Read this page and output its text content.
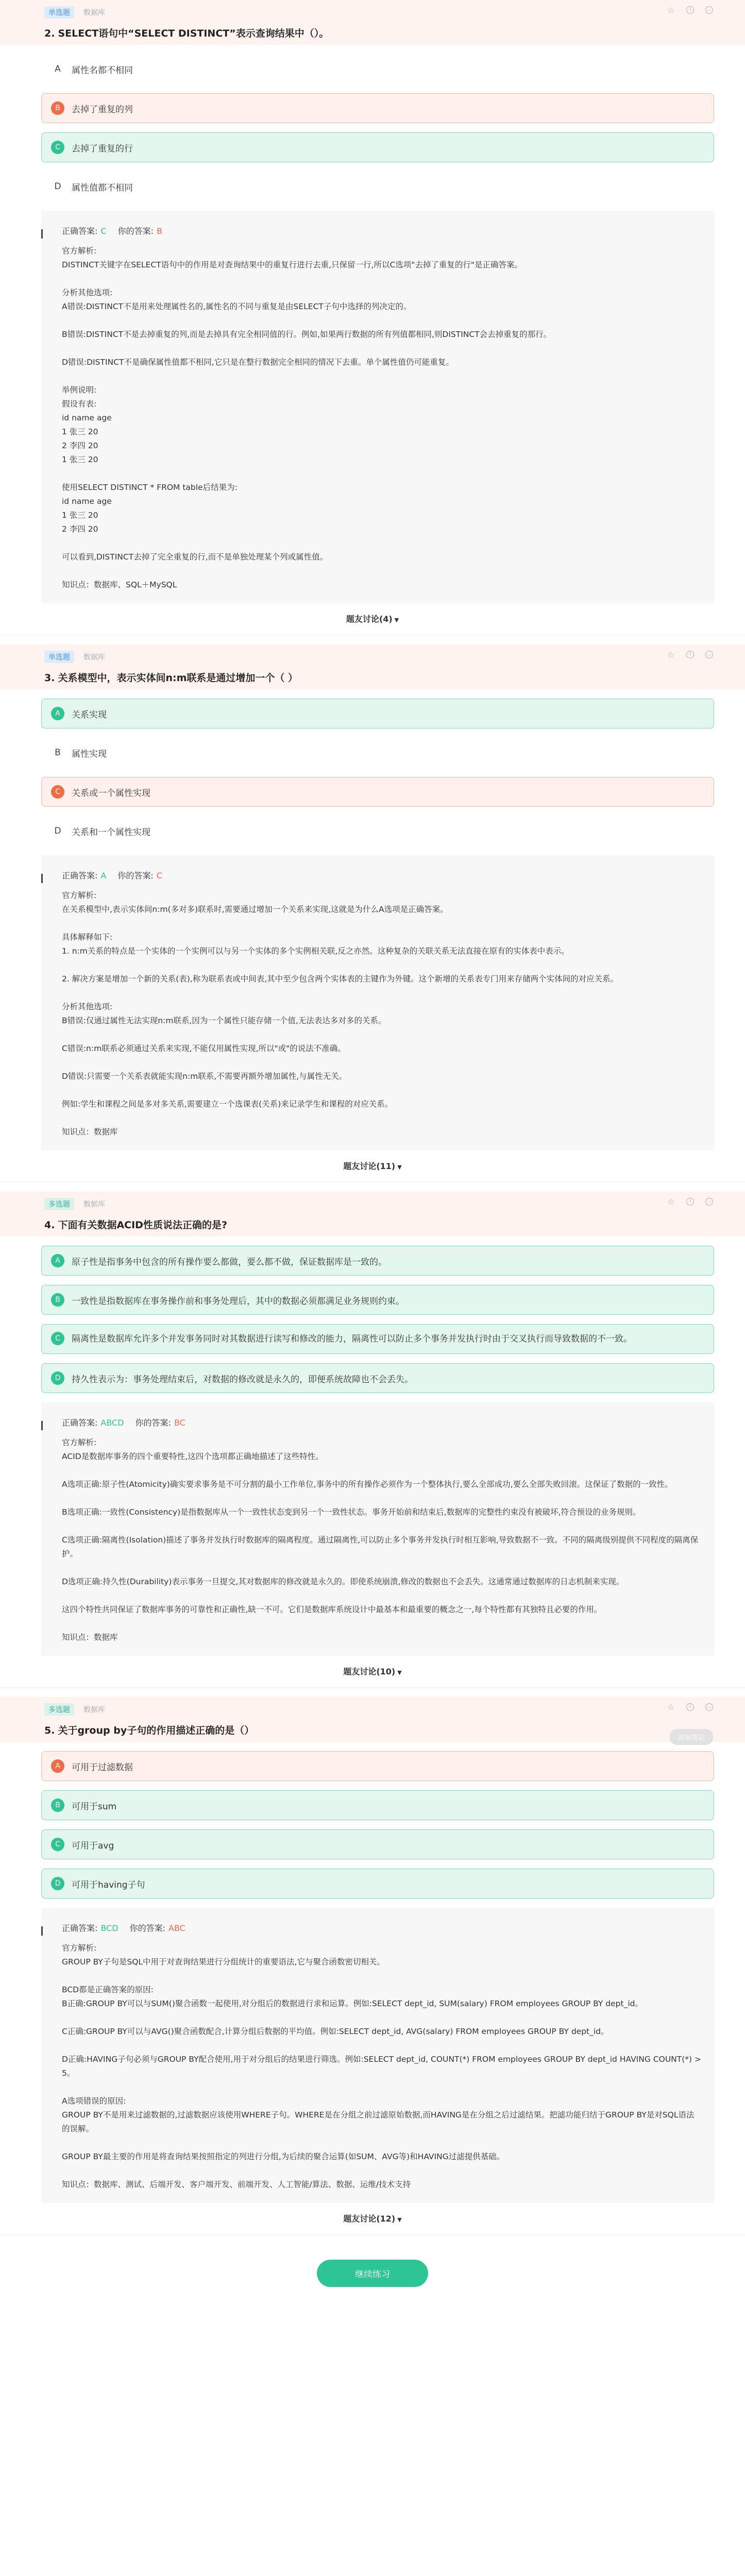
单选题	数据库	☆	i	…
2. SELECT语句中“SELECT DISTINCT”表示查询结果中（）。
A	属性名都不相同
B	去掉了重复的列
C	去掉了重复的行
D	属性值都不相同
正确答案: C 你的答案: B
官方解析:
DISTINCT关键字在SELECT语句中的作用是对查询结果中的重复行进行去重,只保留一行,所以C选项"去掉了重复的行"是正确答案。

分析其他选项:
A错误:DISTINCT不是用来处理属性名的,属性名的不同与重复是由SELECT子句中选择的列决定的。

B错误:DISTINCT不是去掉重复的列,而是去掉具有完全相同值的行。例如,如果两行数据的所有列值都相同,则DISTINCT会去掉重复的那行。

D错误:DISTINCT不是确保属性值都不相同,它只是在整行数据完全相同的情况下去重。单个属性值仍可能重复。

举例说明:
假设有表:
id name age
1 张三 20
2 李四 20
1 张三 20

使用SELECT DISTINCT * FROM table后结果为:
id name age
1 张三 20
2 李四 20

可以看到,DISTINCT去掉了完全重复的行,而不是单独处理某个列或属性值。

知识点：数据库、SQL＋MySQL
题友讨论(4) ▼
单选题	数据库	☆	i	…
3. 关系模型中，表示实体间n:m联系是通过增加一个（ ）
A	关系实现
B	属性实现
C	关系或一个属性实现
D	关系和一个属性实现
正确答案: A 你的答案: C
官方解析:
在关系模型中,表示实体间n:m(多对多)联系时,需要通过增加一个关系来实现,这就是为什么A选项是正确答案。

具体解释如下:
1. n:m关系的特点是一个实体的一个实例可以与另一个实体的多个实例相关联,反之亦然。这种复杂的关联关系无法直接在原有的实体表中表示。

2. 解决方案是增加一个新的关系(表),称为联系表或中间表,其中至少包含两个实体表的主键作为外键。这个新增的关系表专门用来存储两个实体间的对应关系。

分析其他选项:
B错误:仅通过属性无法实现n:m联系,因为一个属性只能存储一个值,无法表达多对多的关系。

C错误:n:m联系必须通过关系来实现,不能仅用属性实现,所以"或"的说法不准确。

D错误:只需要一个关系表就能实现n:m联系,不需要再额外增加属性,与属性无关。

例如:学生和课程之间是多对多关系,需要建立一个选课表(关系)来记录学生和课程的对应关系。

知识点：数据库
题友讨论(11) ▼
多选题	数据库	☆	i	…
4. 下面有关数据ACID性质说法正确的是?
A	原子性是指事务中包含的所有操作要么都做，要么都不做，保证数据库是一致的。
B	一致性是指数据库在事务操作前和事务处理后，其中的数据必须都满足业务规则约束。
C	隔离性是数据库允许多个并发事务同时对其数据进行读写和修改的能力，隔离性可以防止多个事务并发执行时由于交叉执行而导致数据的不一致。
D	持久性表示为：事务处理结束后，对数据的修改就是永久的，即便系统故障也不会丢失。
正确答案: ABCD 你的答案: BC
官方解析:
ACID是数据库事务的四个重要特性,这四个选项都正确地描述了这些特性。

A选项正确:原子性(Atomicity)确实要求事务是不可分割的最小工作单位,事务中的所有操作必须作为一个整体执行,要么全部成功,要么全部失败回滚。这保证了数据的一致性。

B选项正确:一致性(Consistency)是指数据库从一个一致性状态变到另一个一致性状态。事务开始前和结束后,数据库的完整性约束没有被破坏,符合预设的业务规则。

C选项正确:隔离性(Isolation)描述了事务并发执行时数据库的隔离程度。通过隔离性,可以防止多个事务并发执行时相互影响,导致数据不一致。不同的隔离级别提供不同程度的隔离保护。

D选项正确:持久性(Durability)表示事务一旦提交,其对数据库的修改就是永久的。即使系统崩溃,修改的数据也不会丢失。这通常通过数据库的日志机制来实现。

这四个特性共同保证了数据库事务的可靠性和正确性,缺一不可。它们是数据库系统设计中最基本和最重要的概念之一,每个特性都有其独特且必要的作用。

知识点：数据库
题友讨论(10) ▼
多选题	数据库	☆	i	…
5. 关于group by子句的作用描述正确的是（）
添加笔记
A	可用于过滤数据
B	可用于sum
C	可用于avg
D	可用于having子句
正确答案: BCD 你的答案: ABC
官方解析:
GROUP BY子句是SQL中用于对查询结果进行分组统计的重要语法,它与聚合函数密切相关。

BCD都是正确答案的原因:
B正确:GROUP BY可以与SUM()聚合函数一起使用,对分组后的数据进行求和运算。例如:SELECT dept_id, SUM(salary) FROM employees GROUP BY dept_id。

C正确:GROUP BY可以与AVG()聚合函数配合,计算分组后数据的平均值。例如:SELECT dept_id, AVG(salary) FROM employees GROUP BY dept_id。

D正确:HAVING子句必须与GROUP BY配合使用,用于对分组后的结果进行筛选。例如:SELECT dept_id, COUNT(*) FROM employees GROUP BY dept_id HAVING COUNT(*) > 5。

A选项错误的原因:
GROUP BY不是用来过滤数据的,过滤数据应该使用WHERE子句。WHERE是在分组之前过滤原始数据,而HAVING是在分组之后过滤结果。把滤功能归结于GROUP BY是对SQL语法的误解。

GROUP BY最主要的作用是将查询结果按照指定的列进行分组,为后续的聚合运算(如SUM、AVG等)和HAVING过滤提供基础。

知识点：数据库、测试、后端开发、客户端开发、前端开发、人工智能/算法、数据、运维/技术支持
题友讨论(12) ▼
继续练习
